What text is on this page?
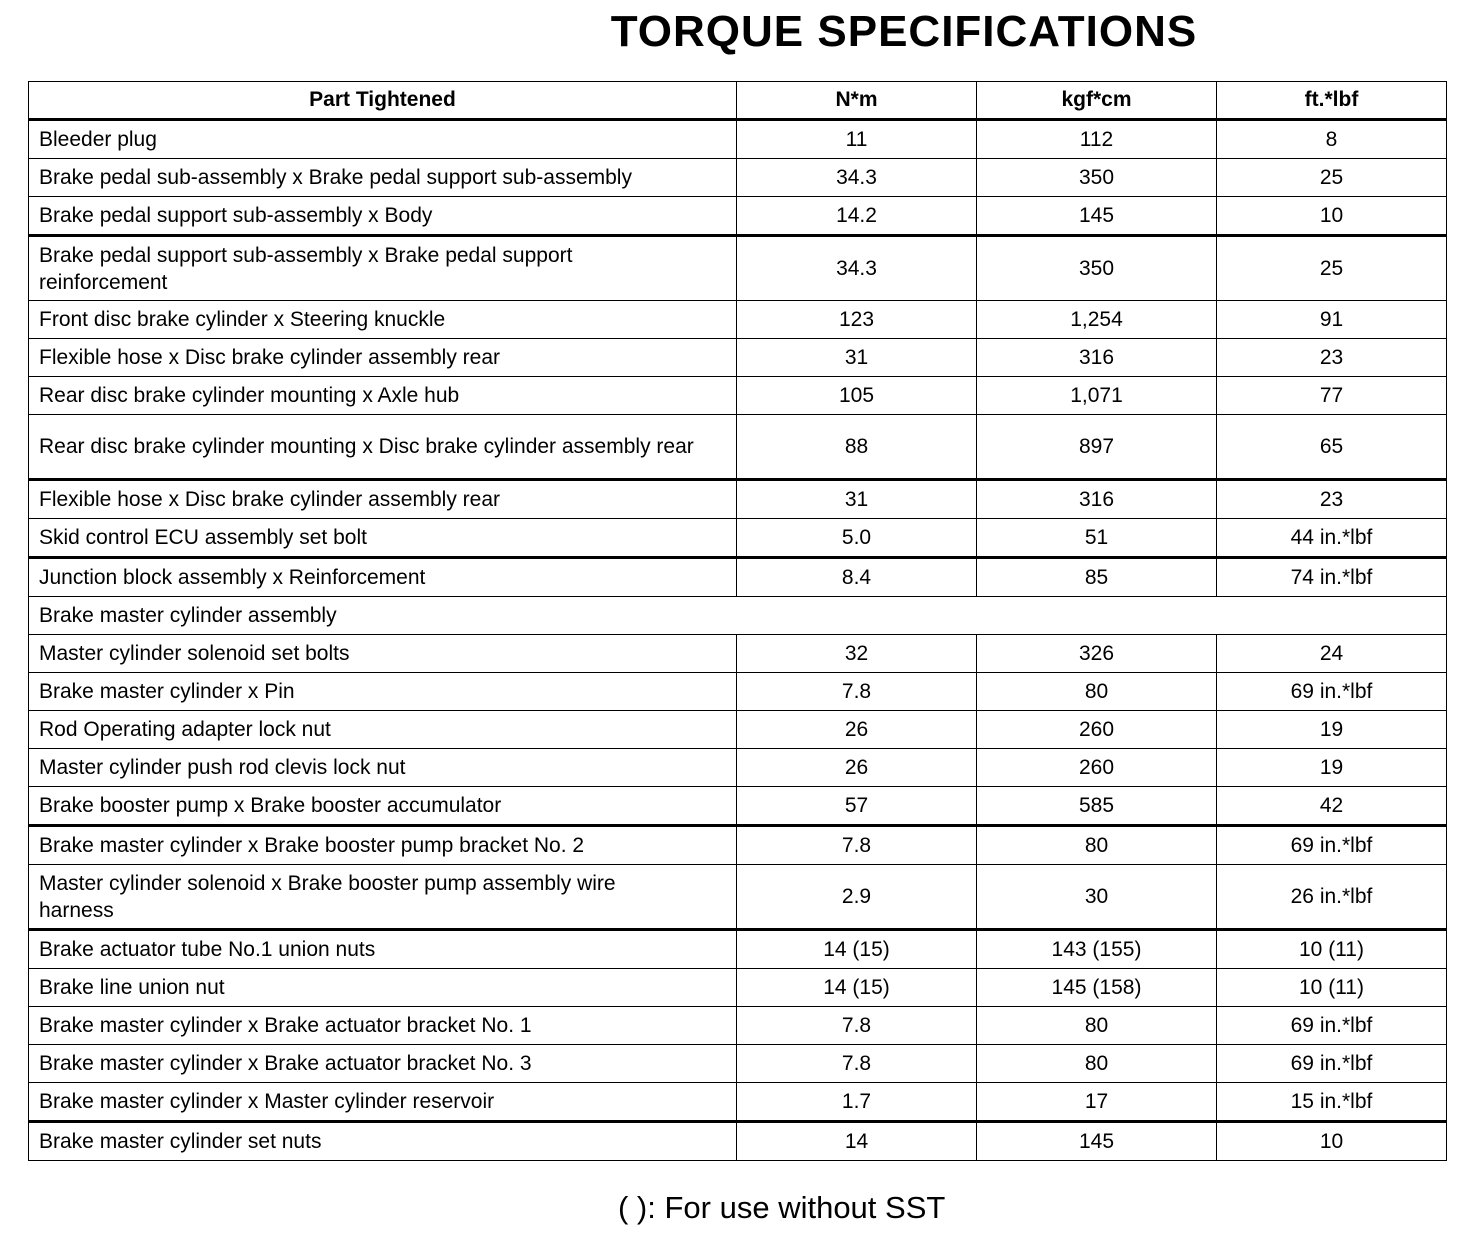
TORQUE SPECIFICATIONS
Part Tightened	N*m	kgf*cm	ft.*lbf
Bleeder plug	11	112	8
Brake pedal sub-assembly x Brake pedal support sub-assembly	34.3	350	25
Brake pedal support sub-assembly x Body	14.2	145	10
Brake pedal support sub-assembly x Brake pedal support reinforcement	34.3	350	25
Front disc brake cylinder x Steering knuckle	123	1,254	91
Flexible hose x Disc brake cylinder assembly rear	31	316	23
Rear disc brake cylinder mounting x Axle hub	105	1,071	77
Rear disc brake cylinder mounting x Disc brake cylinder assembly rear	88	897	65
Flexible hose x Disc brake cylinder assembly rear	31	316	23
Skid control ECU assembly set bolt	5.0	51	44 in.*lbf
Junction block assembly x Reinforcement	8.4	85	74 in.*lbf
Brake master cylinder assembly			
Master cylinder solenoid set bolts	32	326	24
Brake master cylinder x Pin	7.8	80	69 in.*lbf
Rod Operating adapter lock nut	26	260	19
Master cylinder push rod clevis lock nut	26	260	19
Brake booster pump x Brake booster accumulator	57	585	42
Brake master cylinder x Brake booster pump bracket No. 2	7.8	80	69 in.*lbf
Master cylinder solenoid x Brake booster pump assembly wire harness	2.9	30	26 in.*lbf
Brake actuator tube No.1 union nuts	14 (15)	143 (155)	10 (11)
Brake line union nut	14 (15)	145 (158)	10 (11)
Brake master cylinder x Brake actuator bracket No. 1	7.8	80	69 in.*lbf
Brake master cylinder x Brake actuator bracket No. 3	7.8	80	69 in.*lbf
Brake master cylinder x Master cylinder reservoir	1.7	17	15 in.*lbf
Brake master cylinder set nuts	14	145	10
( ): For use without SST
